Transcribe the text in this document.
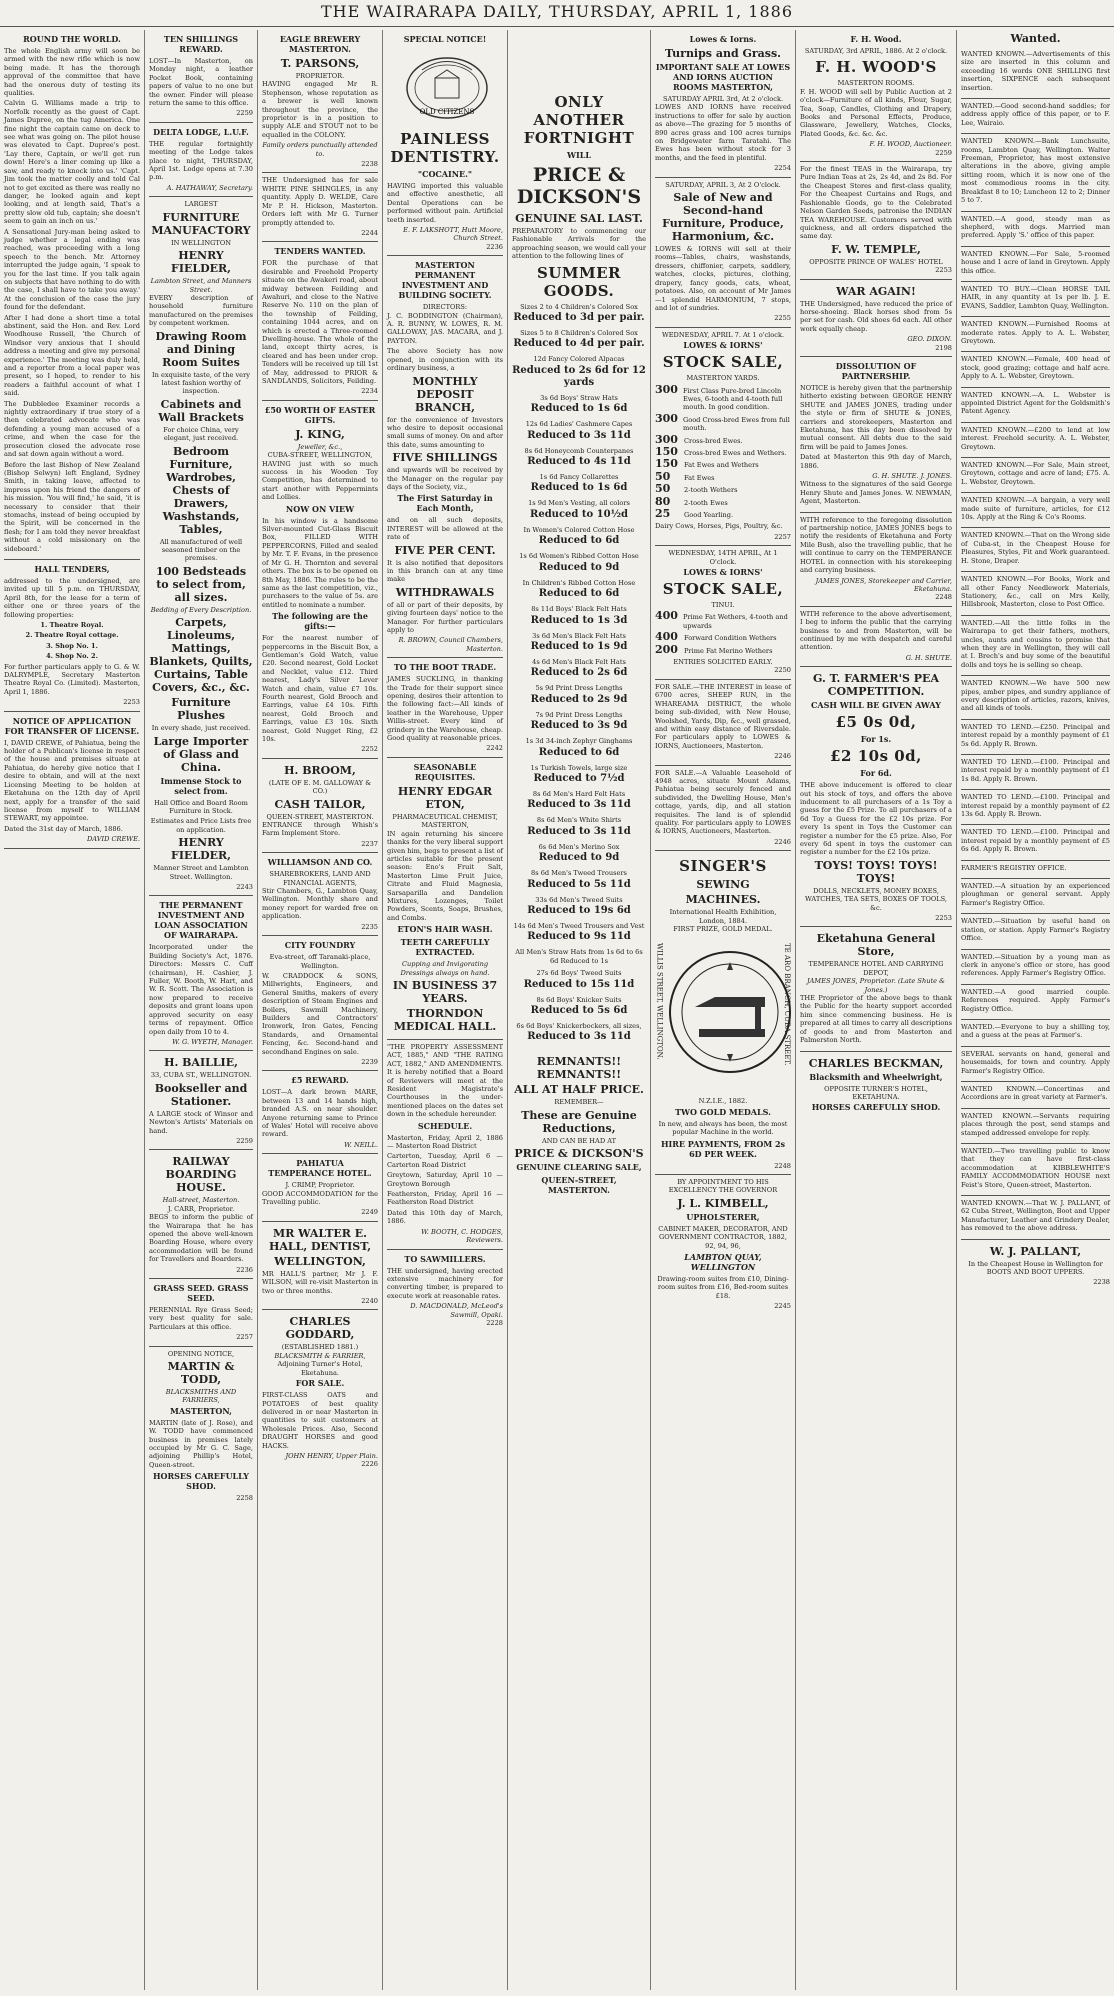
THE WAIRARAPA DAILY, THURSDAY, APRIL 1, 1886
ROUND THE WORLD.

The whole English army will soon be armed with the new rifle which is now being made. It has the thorough approval of the committee that have had the onerous duty of testing its qualities.

Calvin G. Williams made a trip to Norfolk recently as the guest of Capt. James Dupree, on the tug America. One fine night the captain came on deck to see what was going on. The pilot house was elevated to Capt. Dupree's post. 'Lay there, Captain, or we'll get run down! Here's a liner coming up like a saw, and ready to knock into us.' 'Capt. Jim took the matter coolly and told Cal not to get excited as there was really no danger, he looked again and kept looking, and at length said, That's a pretty slow old tub, captain; she doesn't seem to gain an inch on us.'

A Sensational Jury-man being asked to judge whether a legal ending was reached, was proceeding with a long speech to the bench. Mr. Attorney interrupted the judge again, 'I speak to you for the last time. If you talk again on subjects that have nothing to do with the case, I shall have to take you away.' At the conclusion of the case the jury found for the defendant.

After I had done a short time a total abstinent, said the Hon. and Rev. Lord Woodhouse Russell, 'the Church of Windsor very anxious that I should address a meeting and give my personal experience.' The meeting was duly held, and a reporter from a local paper was present, so I hoped, to render to his readers a faithful account of what I said.

The Dubbledee Examiner records a nightly extraordinary if true story of a then celebrated advocate who was defending a young man accused of a crime, and when the case for the prosecution closed the advocate rose and sat down again without a word.

Before the last Bishop of New Zealand (Bishop Selwyn) left England, Sydney Smith, in taking leave, affected to impress upon his friend the dangers of his mission. 'You will find,' he said, 'it is necessary to consider that their stomachs, instead of being occupied by the Spirit, will be concerned in the flesh; for I am told they never breakfast without a cold missionary on the sideboard.'

HALL TENDERS,

addressed to the undersigned, are invited up till 5 p.m. on THURSDAY, April 8th, for the lease for a term of either one or three years of the following properties:

1. Theatre Royal.

2. Theatre Royal cottage.

3. Shop No. 1.

4. Shop No. 2.

For further particulars apply to G. & W. DALRYMPLE, Secretary Masterton Theatre Royal Co. (Limited). Masterton, April 1, 1886.

2253
NOTICE OF APPLICATION FOR TRANSFER OF LICENSE.

I, DAVID CREWE, of Pahiatua, being the holder of a Publican's license in respect of the house and premises situate at Pahiatua, do hereby give notice that I desire to obtain, and will at the next Licensing Meeting to be holden at Eketahuna on the 12th day of April next, apply for a transfer of the said license from myself to WILLIAM STEWART, my appointee.

Dated the 31st day of March, 1886.

DAVID CREWE.
TEN SHILLINGS REWARD.

LOST—In Masterton, on Monday night, a leather Pocket Book, containing papers of value to no one but the owner. Finder will please return the same to this office.

2259
DELTA LODGE, L.U.F.

THE regular fortnightly meeting of the Lodge takes place to night, THURSDAY, April 1st. Lodge opens at 7.30 p.m.

A. HATHAWAY, Secretary.
LARGEST
FURNITURE MANUFACTORY
IN WELLINGTON
HENRY FIELDER,
Lambton Street, and Manners Street.

EVERY description of household furniture manufactured on the premises by competent workmen.

Drawing Room and Dining Room Suites

In exquisite taste, of the very latest fashion worthy of inspection.

Cabinets and Wall Brackets

For choice China, very elegant, just received.

Bedroom Furniture, Wardrobes, Chests of Drawers, Washstands, Tables,

All manufactured of well seasoned timber on the premises.

100 Bedsteads to select from, all sizes.

Bedding of Every Description.

Carpets, Linoleums, Mattings, Blankets, Quilts, Curtains, Table Covers, &c., &c.
Furniture Plushes

In every shade, just received.

Large Importer of Glass and China.
Immense Stock to select from.

Hall Office and Board Room Furniture in Stock.

Estimates and Price Lists free on application.

HENRY FIELDER,

Manner Street and Lambton Street. Wellington.

2243
THE PERMANENT INVESTMENT AND LOAN ASSOCIATION OF WAIRARAPA.

Incorporated under the Building Society's Act, 1876. Directors: Messrs C. Cuff (chairman), H. Cashier, J. Fuller, W. Booth, W. Hart, and W. R. Scott. The Association is now prepared to receive deposits and grant loans upon approved security on easy terms of repayment. Office open daily from 10 to 4.

W. G. WYETH, Manager.
H. BAILLIE,
33, CUBA ST., WELLINGTON.
Bookseller and Stationer.

A LARGE stock of Winsor and Newton's Artists' Materials on hand.

2259
RAILWAY BOARDING HOUSE.
Hall-street, Masterton.
J. CARR, Proprietor.

BEGS to inform the public of the Wairarapa that he has opened the above well-known Boarding House, where every accommodation will be found for Travellers and Boarders.

2236
GRASS SEED. GRASS SEED.

PERENNIAL Rye Grass Seed; very best quality for sale. Particulars at this office.

2257
OPENING NOTICE,
MARTIN & TODD,
BLACKSMITHS AND FARRIERS,
MASTERTON,

MARTIN (late of J. Rose), and W. TODD have commenced business in premises lately occupied by Mr G. C. Sage, adjoining Phillip's Hotel, Queen-street.

HORSES CAREFULLY SHOD.
2258
EAGLE BREWERY MASTERTON.
T. PARSONS,
PROPRIETOR.

HAVING engaged Mr R. Stephenson, whose reputation as a brewer is well known throughout the province, the proprietor is in a position to supply ALE and STOUT not to be equalled in the COLONY.

Family orders punctually attended to.

2238

THE Undersigned has for sale WHITE PINE SHINGLES, in any quantity. Apply D. WELDE, Care Mr P. H. Hickson, Masterton. Orders left with Mr G. Turner promptly attended to.

2244
TENDERS WANTED.

FOR the purchase of that desirable and Freehold Property situate on the Awakeri road, about midway between Feilding and Awahuri, and close to the Native Reserve No. 110 on the plan of the township of Feilding, containing 1044 acres, and on which is erected a Three-roomed Dwelling-house. The whole of the land, except thirty acres, is cleared and has been under crop. Tenders will be received up till 1st of May, addressed to PRIOR & SANDLANDS, Solicitors, Feilding.

2234
£50 WORTH OF EASTER GIFTS.
J. KING,
Jeweller, &c.,
CUBA-STREET, WELLINGTON,

HAVING just with so much success in his Wooden Toy Competition, has determined to start another with Peppermints and Lollies.

NOW ON VIEW

In his window is a handsome Silver-mounted Cut-Glass Biscuit Box, FILLED WITH PEPPERCORNS, Filled and sealed by Mr. T. F. Evans, in the presence of Mr G. H. Thornton and several others. The box is to be opened on 8th May, 1886. The rules to be the same as the last competition, viz., purchasers to the value of 5s. are entitled to nominate a number.

The following are the gifts:—

For the nearest number of peppercorns in the Biscuit Box, a Gentleman's Gold Watch, value £20. Second nearest, Gold Locket and Necklet, value £12. Third nearest, Lady's Silver Lever Watch and chain, value £7 10s. Fourth nearest, Gold Brooch and Earrings, value £4 10s. Fifth nearest, Gold Brooch and Earrings, value £3 10s. Sixth nearest, Gold Nugget Ring, £2 10s.

2252
H. BROOM,
(LATE OF E. M. GALLOWAY & CO.)
CASH TAILOR,
QUEEN-STREET, MASTERTON.

ENTRANCE through Whish's Farm Implement Store.

2237
WILLIAMSON AND CO.
SHAREBROKERS, LAND AND FINANCIAL AGENTS,

Stir Chambers, G., Lambton Quay, Wellington. Monthly share and money report for warded free on application.

2235
CITY FOUNDRY

Eva-street, off Taranaki-place, Wellington.

W. CRADDOCK & SONS, Millwrights, Engineers, and General Smiths, makers of every description of Steam Engines and Boilers, Sawmill Machinery, Builders and Contractors' Ironwork, Iron Gates, Fencing Standards, and Ornamental Fencing, &c. Second-hand and secondhand Engines on sale.

2239
£5 REWARD.

LOST—A dark brown MARE, between 13 and 14 hands high, branded A.S. on near shoulder. Anyone returning same to Prince of Wales' Hotel will receive above reward.

W. NEILL.
PAHIATUA TEMPERANCE HOTEL.
J. CRIMP, Proprietor.

GOOD ACCOMMODATION for the Travelling public.

2249
MR WALTER E. HALL, DENTIST,
WELLINGTON,

MR HALL'S partner, Mr J. F. WILSON, will re-visit Masterton in two or three months.

2240
CHARLES GODDARD,
(ESTABLISHED 1881.)
BLACKSMITH & FARRIER,
Adjoining Turner's Hotel, Eketahuna.
FOR SALE.

FIRST-CLASS OATS and POTATOES of best quality delivered in or near Masterton in quantities to suit customers at Wholesale Prices. Also, Second DRAUGHT HORSES and good HACKS.

JOHN HENRY, Upper Plain.
2226
SPECIAL NOTICE!
OLD CITIZENS
PAINLESS DENTISTRY.
"COCAINE."

HAVING imported this valuable and effective anesthetic, all Dental Operations can be performed without pain. Artificial teeth inserted.

E. F. LAKSHOTT, Hutt Moore, Church Street.
2236
MASTERTON PERMANENT INVESTMENT AND BUILDING SOCIETY.
DIRECTORS:

J. C. BODDINGTON (Chairman), A. R. BUNNY, W. LOWES, R. M. GALLOWAY, JAS. MACARA, and J. PAYTON.

The above Society has now opened, in conjunction with its ordinary business, a

MONTHLY DEPOSIT BRANCH,

for the convenience of Investors who desire to deposit occasional small sums of money. On and after this date, sums amounting to

FIVE SHILLINGS

and upwards will be received by the Manager on the regular pay days of the Society, viz.,

The First Saturday in Each Month,

and on all such deposits, INTEREST will be allowed at the rate of

FIVE PER CENT.

It is also notified that depositors in this branch can at any time make

WITHDRAWALS

of all or part of their deposits, by giving fourteen days' notice to the Manager. For further particulars apply to

R. BROWN, Council Chambers, Masterton.
TO THE BOOT TRADE.

JAMES SUCKLING, in thanking the Trade for their support since opening, desires their attention to the following fact:—All kinds of leather in the Warehouse, Upper Willis-street. Every kind of grindery in the Warehouse, cheap. Good quality at reasonable prices.

2242
SEASONABLE REQUISITES.
HENRY EDGAR ETON,
PHARMACEUTICAL CHEMIST,
MASTERTON,

IN again returning his sincere thanks for the very liberal support given him, begs to present a list of articles suitable for the present season: Eno's Fruit Salt, Masterton Lime Fruit Juice, Citrate and Fluid Magnesia, Sarsaparilla and Dandelion Mixtures, Lozenges, Toilet Powders, Scents, Soaps, Brushes, and Combs.

ETON'S HAIR WASH.
TEETH CAREFULLY EXTRACTED.

Cupping and Invigorating Dressings always on hand.

IN BUSINESS 37 YEARS.
THORNDON MEDICAL HALL.

"THE PROPERTY ASSESSMENT ACT, 1885," AND "THE RATING ACT, 1882," AND AMENDMENTS. It is hereby notified that a Board of Reviewers will meet at the Resident Magistrate's Courthouses in the under-mentioned places on the dates set down in the schedule hereunder.

SCHEDULE.

Masterton, Friday, April 2, 1886 — Masterton Road District

Carterton, Tuesday, April 6 — Carterton Road District

Greytown, Saturday, April 10 — Greytown Borough

Featherston, Friday, April 16 — Featherston Road District

Dated this 10th day of March, 1886.

W. BOOTH, C. HODGES, Reviewers.
TO SAWMILLERS.

THE undersigned, having erected extensive machinery for converting timber, is prepared to execute work at reasonable rates.

D. MACDONALD, McLeod's Sawmill, Opaki.
2228
ONLY ANOTHER FORTNIGHT
WILL
PRICE & DICKSON'S
GENUINE SAL LAST.

PREPARATORY to commencing our Fashionable Arrivals for the approaching season, we would call your attention to the following lines of

SUMMER GOODS.
Sizes 2 to 4 Children's Colored Sox
Reduced to 3d per pair.
Sizes 5 to 8 Children's Colored Sox
Reduced to 4d per pair.
12d Fancy Colored Alpacas
Reduced to 2s 6d for 12 yards
3s 6d Boys' Straw Hats
Reduced to 1s 6d
12s 6d Ladies' Cashmere Capes
Reduced to 3s 11d
8s 6d Honeycomb Counterpanes
Reduced to 4s 11d
1s 6d Fancy Collarettes
Reduced to 1s 6d
1s 9d Men's Vesting, all colors
Reduced to 10½d
In Women's Colored Cotton Hose
Reduced to 6d
1s 6d Women's Ribbed Cotton Hose
Reduced to 9d
In Children's Ribbed Cotton Hose
Reduced to 6d
8s 11d Boys' Black Felt Hats
Reduced to 1s 3d
3s 6d Men's Black Felt Hats
Reduced to 1s 9d
4s 6d Men's Black Felt Hats
Reduced to 2s 6d
5s 9d Print Dress Lengths
Reduced to 2s 9d
7s 9d Print Dress Lengths
Reduced to 3s 9d
1s 3d 34-inch Zephyr Ginghams
Reduced to 6d
1s Turkish Towels, large size
Reduced to 7½d
8s 6d Men's Hard Felt Hats
Reduced to 3s 11d
8s 6d Men's White Shirts
Reduced to 3s 11d
6s 6d Men's Merino Sox
Reduced to 9d
8s 6d Men's Tweed Trousers
Reduced to 5s 11d
33s 6d Men's Tweed Suits
Reduced to 19s 6d
14s 6d Men's Tweed Trousers and Vest
Reduced to 9s 11d
All Men's Straw Hats from 1s 6d to 6s 6d Reduced to 1s
27s 6d Boys' Tweed Suits
Reduced to 15s 11d
8s 6d Boys' Knicker Suits
Reduced to 5s 6d
6s 6d Boys' Knickerbockers, all sizes,
Reduced to 3s 11d
REMNANTS!! REMNANTS!!
ALL AT HALF PRICE.
REMEMBER—
These are Genuine Reductions,
AND CAN BE HAD AT
PRICE & DICKSON'S
GENUINE CLEARING SALE,
QUEEN-STREET, MASTERTON.
Lowes & Iorns.
Turnips and Grass.
IMPORTANT SALE AT LOWES AND IORNS AUCTION ROOMS MASTERTON,
SATURDAY APRIL 3rd, At 2 o'clock.

LOWES AND IORNS have received instructions to offer for sale by auction as above—The grazing for 5 months of 890 acres grass and 100 acres turnips on Bridgewater farm Taratahi. The Ewes has been without stock for 3 months, and the feed in plentiful.

2254
SATURDAY, APRIL 3, At 2 O'clock.
Sale of New and Second-hand Furniture, Produce, Harmonium, &c.

LOWES & IORNS will sell at their rooms—Tables, chairs, washstands, dressers, chiffonier, carpets, saddlery, watches, clocks, pictures, clothing, drapery, fancy goods, cats, wheat, potatoes. Also, on account of Mr James—1 splendid HARMONIUM, 7 stops, and lot of sundries.

2255
WEDNESDAY, APRIL 7. At 1 o'clock.
LOWES & IORNS'
STOCK SALE,
MASTERTON YARDS.
300 First Class Pure-bred Lincoln Ewes, 6-tooth and 4-tooth full mouth. In good condition.
300 Good Cross-bred Ewes from full mouth.
300 Cross-bred Ewes.
150 Cross-bred Ewes and Wethers.
150 Fat Ewes and Wethers
50	Fat Ewes
50	2-tooth Wethers
80	2-tooth Ewes
25	Good Yearling.

Dairy Cows, Horses, Pigs, Poultry, &c.

2257
WEDNESDAY, 14TH APRIL, At 1 O'clock.
LOWES & IORNS'
STOCK SALE,
TINUI.
400 Prime Fat Wethers, 4-tooth and upwards
400 Forward Condition Wethers
200 Prime Fat Merino Wethers
ENTRIES SOLICITED EARLY.
2250

FOR SALE.—THE INTEREST in lease of 6700 acres, SHEEP RUN, in the WHAREAMA DISTRICT, the whole being sub-divided, with New House, Woolshed, Yards, Dip, &c., well grassed, and within easy distance of Riversdale. For particulars apply to LOWES & IORNS, Auctioneers, Masterton.

2246

FOR SALE.—A Valuable Leasehold of 4948 acres, situate Mount Adams, Pahiatua being securely fenced and subdivided, the Dwelling House, Men's cottage, yards, dip, and all station requisites. The land is of splendid quality. For particulars apply to LOWES & IORNS, Auctioneers, Masterton.

2246
SINGER'S
SEWING
MACHINES.
International Health Exhibition, London, 1884.
FIRST PRIZE, GOLD MEDAL.
WILLIS STREET, WELLINGTON.	TE ARO BRANCH, CUBA STREET.
N.Z.I.E., 1882.
TWO GOLD MEDALS.

In new, and always has been, the most popular Machine in the world.

HIRE PAYMENTS, FROM 2s 6D PER WEEK.
2248
BY APPOINTMENT TO HIS EXCELLENCY THE GOVERNOR
J. L. KIMBELL,
UPHOLSTERER,

CABINET MAKER, DECORATOR, AND GOVERNMENT CONTRACTOR, 1882, 92, 94, 96,

LAMBTON QUAY, WELLINGTON

Drawing-room suites from £10, Dining-room suites from £16, Bed-room suites £18.

2245
F. H. Wood.
SATURDAY, 3rd APRIL, 1886. At 2 o'clock.
F. H. WOOD'S
MASTERTON ROOMS.

F. H. WOOD will sell by Public Auction at 2 o'clock—Furniture of all kinds, Flour, Sugar, Tea, Soap, Candles, Clothing and Drapery, Books and Personal Effects, Produce, Glassware, Jewellery, Watches, Clocks, Plated Goods, &c. &c. &c.

F. H. WOOD, Auctioneer.
2259

For the finest TEAS in the Wairarapa, try Pure Indian Teas at 2s, 2s 4d, and 2s 8d. For the Cheapest Stores and first-class quality, For the Cheapest Curtains and Rugs, and Fashionable Goods, go to the Celebrated Nelson Garden Seeds, patronise the INDIAN TEA WAREHOUSE. Customers served with quickness, and all orders dispatched the same day.

F. W. TEMPLE,
OPPOSITE PRINCE OF WALES' HOTEL
2253
WAR AGAIN!

THE Undersigned, have reduced the price of horse-shoeing. Black horses shod from 5s per set for cash. Old shoes 6d each. All other work equally cheap.

GEO. DIXON.
2198
DISSOLUTION OF PARTNERSHIP.

NOTICE is hereby given that the partnership hitherto existing between GEORGE HENRY SHUTE and JAMES JONES, trading under the style or firm of SHUTE & JONES, carriers and storekeepers, Masterton and Eketahuna, has this day been dissolved by mutual consent. All debts due to the said firm will be paid to James Jones.

Dated at Masterton this 9th day of March, 1886.

G. H. SHUTE. J. JONES.

Witness to the signatures of the said George Henry Shute and James Jones. W. NEWMAN, Agent, Masterton.

WITH reference to the foregoing dissolution of partnership notice, JAMES JONES begs to notify the residents of Eketahuna and Forty Mile Bush, also the travelling public, that he will continue to carry on the TEMPERANCE HOTEL in connection with his storekeeping and carrying business.

JAMES JONES, Storekeeper and Carrier, Eketahuna.
2248

WITH reference to the above advertisement, I beg to inform the public that the carrying business to and from Masterton, will be continued by me with despatch and careful attention.

G. H. SHUTE.
G. T. FARMER'S PEA COMPETITION.
CASH WILL BE GIVEN AWAY
£5 0s 0d,
For 1s.
£2 10s 0d,
For 6d.

THE above inducement is offered to clear out his stock of toys, and offers the above inducement to all purchasers of a 1s Toy a guess for the £5 Prize. To all purchasers of a 6d Toy a Guess for the £2 10s prize. For every 1s spent in Toys the Customer can register a number for the £5 prize. Also, For every 6d spent in toys the customer can register a number for the £2 10s prize.

TOYS! TOYS! TOYS! TOYS!

DOLLS, NECKLETS, MONEY BOXES, WATCHES, TEA SETS, BOXES OF TOOLS, &c.

2253
Eketahuna General Store,
TEMPERANCE HOTEL AND CARRYING DEPOT,
JAMES JONES, Proprietor. (Late Shute & Jones.)

THE Proprietor of the above begs to thank the Public for the hearty support accorded him since commencing business. He is prepared at all times to carry all descriptions of goods to and from Masterton and Palmerston North.

CHARLES BECKMAN,
Blacksmith and Wheelwright,
OPPOSITE TURNER'S HOTEL, EKETAHUNA.
HORSES CAREFULLY SHOD.
Wanted.

WANTED KNOWN.—Advertisements of this size are inserted in this column and exceeding 16 words ONE SHILLING first insertion, SIXPENCE each subsequent insertion.

WANTED.—Good second-hand saddles; for address apply office of this paper, or to F. Lee, Wairaio.

WANTED KNOWN.—Bank Lunchsuite, rooms, Lambton Quay, Wellington. Walter Freeman, Proprietor, has most extensive alterations in the above, giving ample sitting room, which it is now one of the most commodious rooms in the city. Breakfast 8 to 10; Luncheon 12 to 2; Dinner 5 to 7.

WANTED.—A good, steady man as shepherd, with dogs. Married man preferred. Apply 'S.' office of this paper.

WANTED KNOWN.—For Sale, 5-roomed house and 1 acre of land in Greytown. Apply this office.

WANTED TO BUY.—Clean HORSE TAIL HAIR, in any quantity at 1s per lb. J. E. EVANS, Saddler, Lambton Quay, Wellington.

WANTED KNOWN.—Furnished Rooms at moderate rates. Apply to A. L. Webster, Greytown.

WANTED KNOWN.—Female, 400 head of stock, good grazing; cottage and half acre. Apply to A. L. Webster, Greytown.

WANTED KNOWN.—A. L. Webster is appointed District Agent for the Goldsmith's Patent Agency.

WANTED KNOWN.—£200 to lend at low interest. Freehold security. A. L. Webster, Greytown.

WANTED KNOWN.—For Sale, Main street, Greytown, cottage and acre of land; £75. A. L. Webster, Greytown.

WANTED KNOWN.—A bargain, a very well made suite of furniture, articles, for £12 10s. Apply at the Ring & Co's Rooms.

WANTED KNOWN.—That on the Wrong side of Cuba-st, in the Cheapest House for Pleasures, Styles, Fit and Work guaranteed. H. Stone, Draper.

WANTED KNOWN.—For Books, Work and all other Fancy Needlework Materials, Stationery, &c., call on Mrs Kelly, Hillsbrook, Masterton, close to Post Office.

WANTED.—All the little folks in the Wairarapa to get their fathers, mothers, uncles, aunts and cousins to promise that when they are in Wellington, they will call at I. Brech's and buy some of the beautiful dolls and toys he is selling so cheap.

WANTED KNOWN.—We have 500 new pipes, amber pipes, and sundry appliance of every description of articles, razors, knives, and all kinds of tools.

WANTED TO LEND.—£250. Principal and interest repaid by a monthly payment of £1 5s 6d. Apply R. Brown.

WANTED TO LEND.—£100. Principal and interest repaid by a monthly payment of £1 1s 8d. Apply R. Brown.

WANTED TO LEND.—£100. Principal and interest repaid by a monthly payment of £2 13s 6d. Apply R. Brown.

WANTED TO LEND.—£100. Principal and interest repaid by a monthly payment of £5 6s 6d. Apply R. Brown.

FARMER'S REGISTRY OFFICE.

WANTED.—A situation by an experienced ploughman or general servant. Apply Farmer's Registry Office.

WANTED.—Situation by useful hand on station, or station. Apply Farmer's Registry Office.

WANTED.—Situation by a young man as clerk in anyone's office or store, has good references. Apply Farmer's Registry Office.

WANTED.—A good married couple. References required. Apply Farmer's Registry Office.

WANTED.—Everyone to buy a shilling toy, and a guess at the peas at Farmer's.

SEVERAL servants on hand, general and housemaids, for town and country. Apply Farmer's Registry Office.

WANTED KNOWN.—Concertinas and Accordions are in great variety at Farmer's.

WANTED KNOWN.—Servants requiring places through the post, send stamps and stamped addressed envelope for reply.

WANTED.—Two travelling public to know that they can have first-class accommodation at KIBBLEWHITE'S FAMILY ACCOMMODATION HOUSE next Feist's Store, Queen-street, Masterton.

WANTED KNOWN.—That W. J. PALLANT, of 62 Cuba Street, Wellington, Boot and Upper Manufacturer, Leather and Grindery Dealer, has removed to the above address.

W. J. PALLANT,

In the Cheapest House in Wellington for BOOTS AND BOOT UPPERS.

2238
